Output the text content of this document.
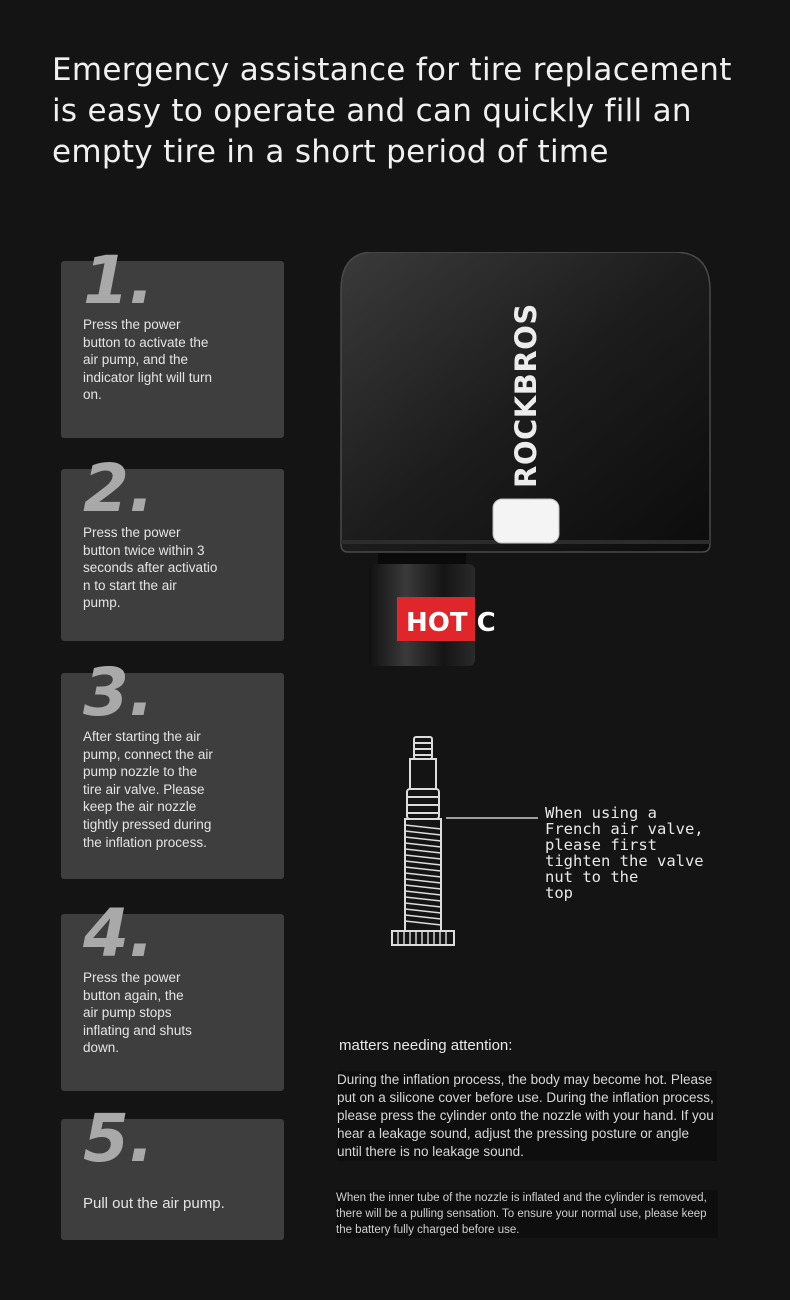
Emergency assistance for tire replacement
is easy to operate and can quickly fill an
empty tire in a short period of time
1.
Press the power
button to activate the
air pump, and the
indicator light will turn
on.
2.
Press the power
button twice within 3
seconds after activatio
n to start the air
pump.
3.
After starting the air
pump, connect the air
pump nozzle to the
tire air valve. Please
keep the air nozzle
tightly pressed during
the inflation process.
4.
Press the power
button again, the
air pump stops
inflating and shuts
down.
5.
Pull out the air pump.
HOT C
ROCKBROS
When using a
French air valve,
please first
tighten the valve
nut to the
top
matters needing attention:
During the inflation process, the body may become hot. Please put on a silicone cover before use. During the inflation process, please press the cylinder onto the nozzle with your hand. If you hear a leakage sound, adjust the pressing posture or angle until there is no leakage sound.
When the inner tube of the nozzle is inflated and the cylinder is removed, there will be a pulling sensation. To ensure your normal use, please keep the battery fully charged before use.
